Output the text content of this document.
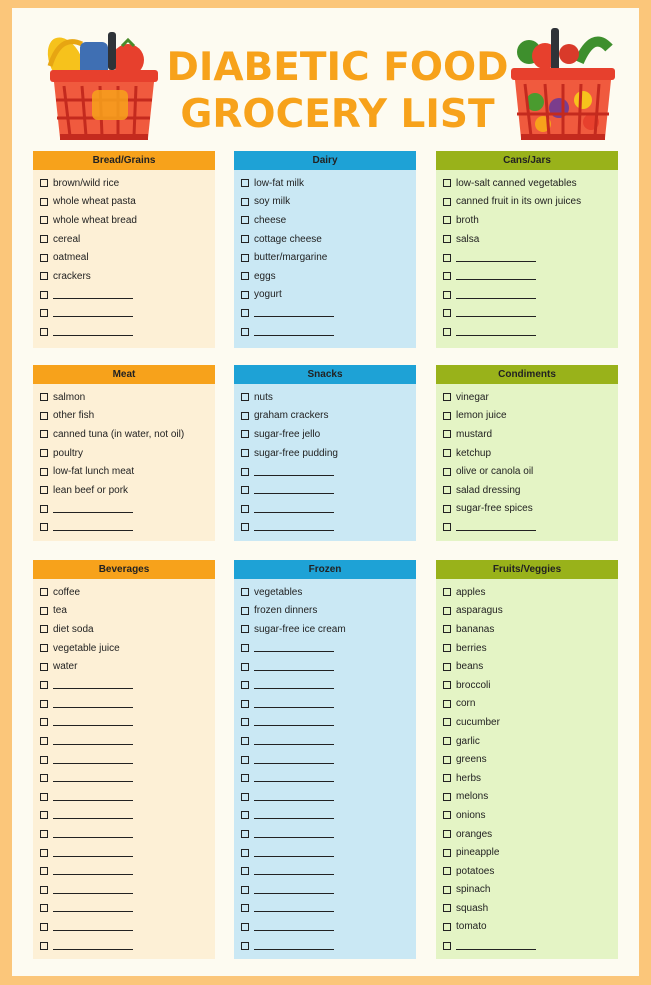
DIABETIC FOOD GROCERY LIST
Bread/Grains
brown/wild rice
whole wheat pasta
whole wheat bread
cereal
oatmeal
crackers
Dairy
low-fat milk
soy milk
cheese
cottage cheese
butter/margarine
eggs
yogurt
Cans/Jars
low-salt canned vegetables
canned fruit in its own juices
broth
salsa
Meat
salmon
other fish
canned tuna (in water, not oil)
poultry
low-fat lunch meat
lean beef or pork
Snacks
nuts
graham crackers
sugar-free jello
sugar-free pudding
Condiments
vinegar
lemon juice
mustard
ketchup
olive or canola oil
salad dressing
sugar-free spices
Beverages
coffee
tea
diet soda
vegetable juice
water
Frozen
vegetables
frozen dinners
sugar-free ice cream
Fruits/Veggies
apples
asparagus
bananas
berries
beans
broccoli
corn
cucumber
garlic
greens
herbs
melons
onions
oranges
pineapple
potatoes
spinach
squash
tomato
